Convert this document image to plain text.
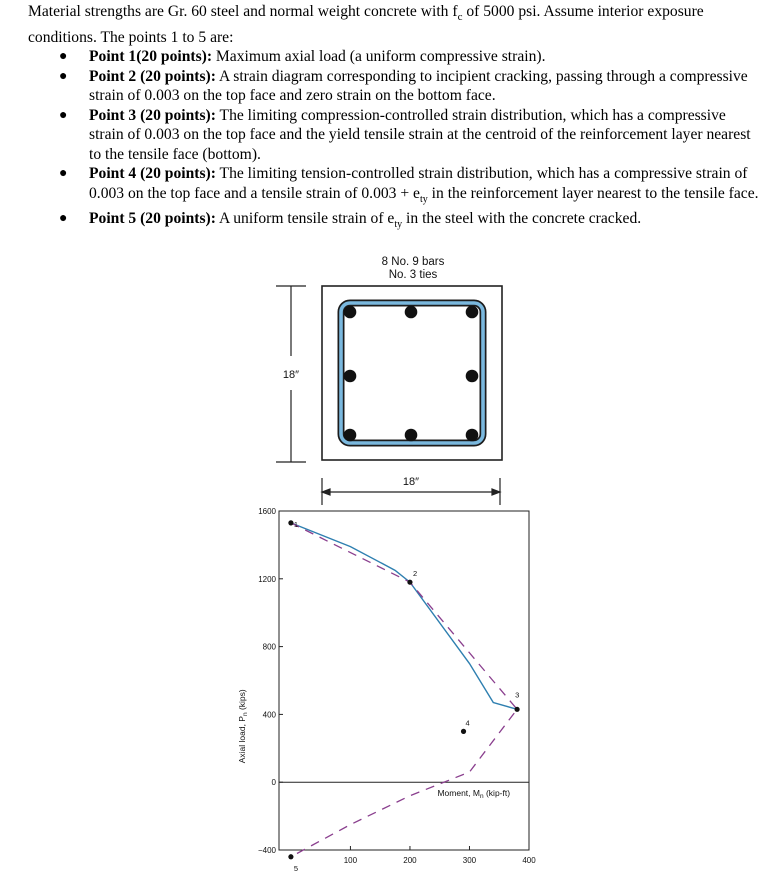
Material strengths are Gr. 60 steel and normal weight concrete with $f_c$ of 5000 psi. Assume interior exposure conditions. The points 1 to 5 are:

● Point 1(20 points): Maximum axial load (a uniform compressive strain).
● Point 2 (20 points): A strain diagram corresponding to incipient cracking, passing through a compressive strain of 0.003 on the top face and zero strain on the bottom face.
● Point 3 (20 points): The limiting compression-controlled strain distribution, which has a compressive strain of 0.003 on the top face and the yield tensile strain at the centroid of the reinforcement layer nearest to the tensile face (bottom).
● Point 4 (20 points): The limiting tension-controlled strain distribution, which has a compressive strain of 0.003 on the top face and a tensile strain of $0.003 + e_{ty}$ in the reinforcement layer nearest to the tensile face.
● Point 5 (20 points): A uniform tensile strain of $e_{ty}$ in the steel with the concrete cracked.
8 No. 9 bars
No. 3 ties
18″
18″
1600
1200
800
400
0
−400
100	200	300	400
1
2
3
4
5
Moment, $M_n$ (kip-ft)
Axial load, $P_n$ (kips)
